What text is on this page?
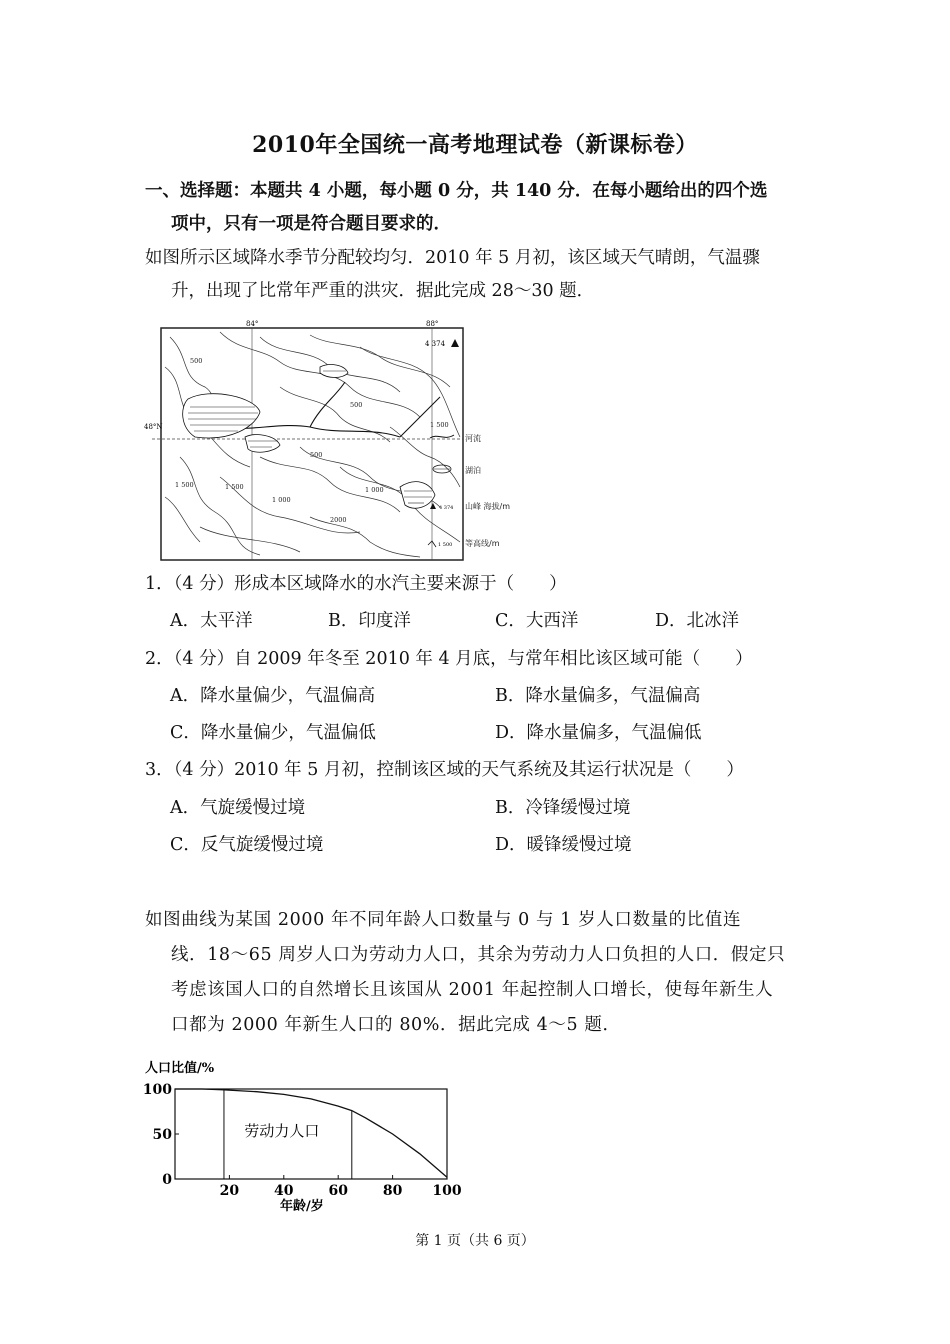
2010年全国统一高考地理试卷（新课标卷）
一、选择题：本题共 4 小题，每小题 0 分，共 140 分．在每小题给出的四个选
项中，只有一项是符合题目要求的．
如图所示区域降水季节分配较均匀．2010 年 5 月初，该区域天气晴朗，气温骤
升，出现了比常年严重的洪灾．据此完成 28～30 题．
84°	88°
48°N
4 374
500
500
1 500
500
1 500	1 500	1 000
2000
1 000
河流
湖泊
4 374 山峰 海拔/m
1 500 等高线/m
1．（4 分）形成本区域降水的水汽主要来源于（　　）
A．太平洋	B．印度洋	C．大西洋	D．北冰洋
2．（4 分）自 2009 年冬至 2010 年 4 月底，与常年相比该区域可能（　　）
A．降水量偏少，气温偏高	B．降水量偏多，气温偏高
C．降水量偏少，气温偏低	D．降水量偏多，气温偏低
3．（4 分）2010 年 5 月初，控制该区域的天气系统及其运行状况是（　　）
A．气旋缓慢过境	B．冷锋缓慢过境
C．反气旋缓慢过境	D．暖锋缓慢过境
如图曲线为某国 2000 年不同年龄人口数量与 0 与 1 岁人口数量的比值连
线．18～65 周岁人口为劳动力人口，其余为劳动力人口负担的人口．假定只
考虑该国人口的自然增长且该国从 2001 年起控制人口增长，使每年新生人
口都为 2000 年新生人口的 80%．据此完成 4～5 题．
人口比值/%
年龄/岁
20 40 60 80 100
0
50
100
劳动力人口
第 1 页（共 6 页）
